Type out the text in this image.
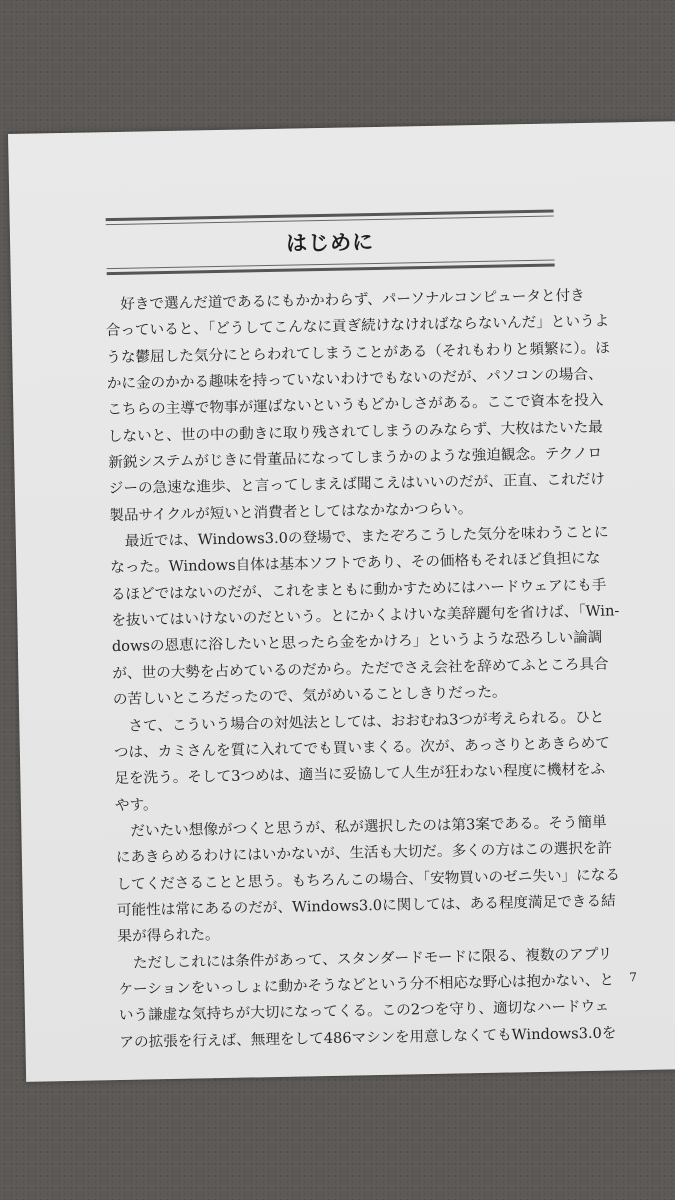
はじめに
好きで選んだ道であるにもかかわらず、パーソナルコンピュータと付き
合っていると、「どうしてこんなに貢ぎ続けなければならないんだ」というよ
うな鬱屈した気分にとらわれてしまうことがある（それもわりと頻繁に）。ほ
かに金のかかる趣味を持っていないわけでもないのだが、パソコンの場合、
こちらの主導で物事が運ばないというもどかしさがある。ここで資本を投入
しないと、世の中の動きに取り残されてしまうのみならず、大枚はたいた最
新鋭システムがじきに骨董品になってしまうかのような強迫観念。テクノロ
ジーの急速な進歩、と言ってしまえば聞こえはいいのだが、正直、これだけ
製品サイクルが短いと消費者としてはなかなかつらい。
最近では、Windows3.0の登場で、またぞろこうした気分を味わうことに
なった。Windows自体は基本ソフトであり、その価格もそれほど負担にな
るほどではないのだが、これをまともに動かすためにはハードウェアにも手
を抜いてはいけないのだという。とにかくよけいな美辞麗句を省けば、「Win-
dowsの恩恵に浴したいと思ったら金をかけろ」というような恐ろしい論調
が、世の大勢を占めているのだから。ただでさえ会社を辞めてふところ具合
の苦しいところだったので、気がめいることしきりだった。
さて、こういう場合の対処法としては、おおむね3つが考えられる。ひと
つは、カミさんを質に入れてでも買いまくる。次が、あっさりとあきらめて
足を洗う。そして3つめは、適当に妥協して人生が狂わない程度に機材をふ
やす。
だいたい想像がつくと思うが、私が選択したのは第3案である。そう簡単
にあきらめるわけにはいかないが、生活も大切だ。多くの方はこの選択を許
してくださることと思う。もちろんこの場合、「安物買いのゼニ失い」になる
可能性は常にあるのだが、Windows3.0に関しては、ある程度満足できる結
果が得られた。
ただしこれには条件があって、スタンダードモードに限る、複数のアプリ
ケーションをいっしょに動かそうなどという分不相応な野心は抱かない、と
いう謙虚な気持ちが大切になってくる。この2つを守り、適切なハードウェ
アの拡張を行えば、無理をして486マシンを用意しなくてもWindows3.0を
7
